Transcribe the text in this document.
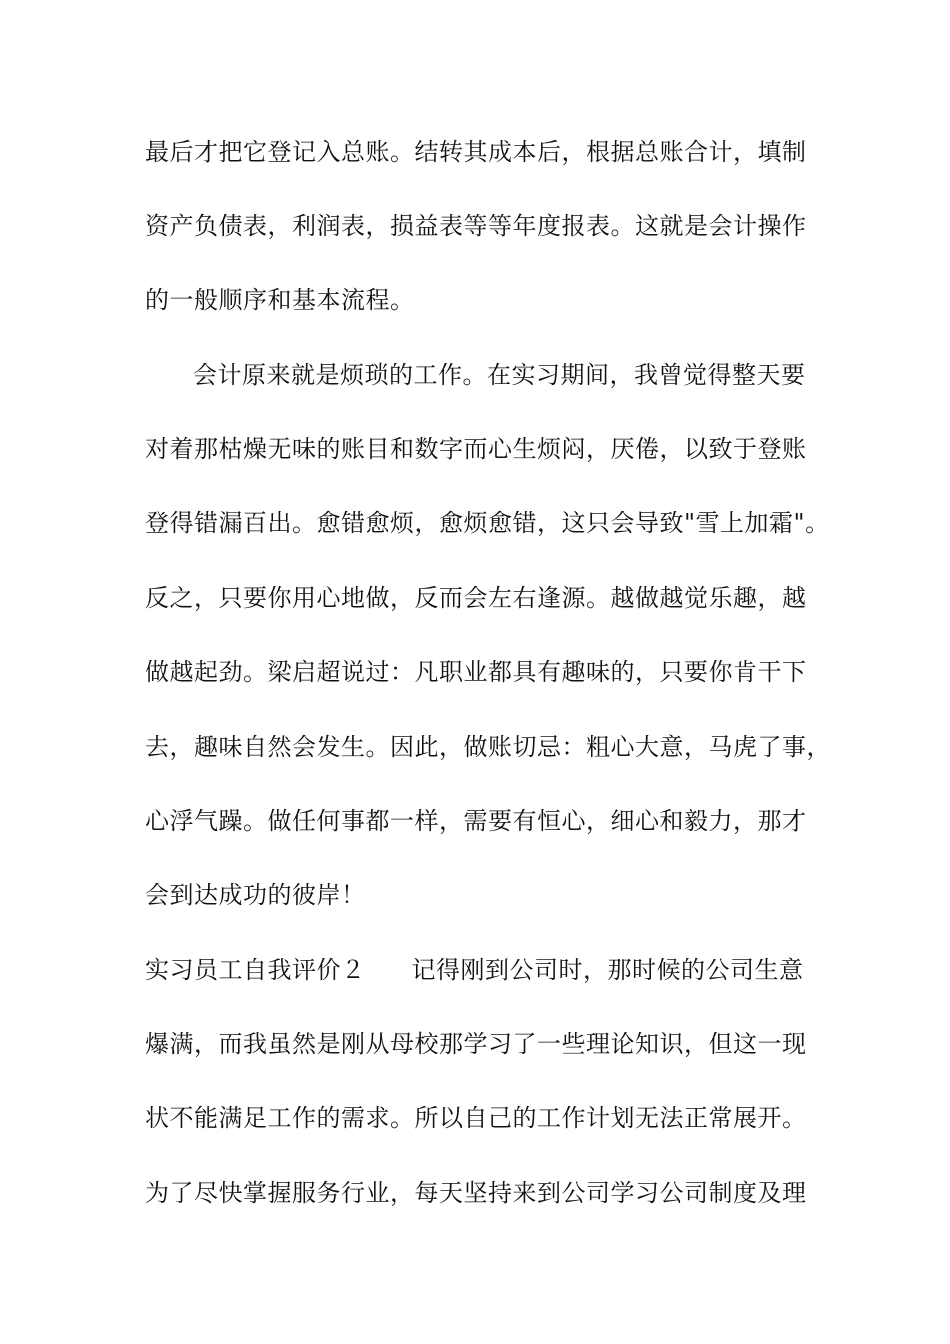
最后才把它登记入总账。结转其成本后，根据总账合计，填制
资产负债表，利润表，损益表等等年度报表。这就是会计操作
的一般顺序和基本流程。
会计原来就是烦琐的工作。在实习期间，我曾觉得整天要
对着那枯燥无味的账目和数字而心生烦闷，厌倦，以致于登账
登得错漏百出。愈错愈烦，愈烦愈错，这只会导致"雪上加霜"。
反之，只要你用心地做，反而会左右逢源。越做越觉乐趣，越
做越起劲。梁启超说过：凡职业都具有趣味的，只要你肯干下
去，趣味自然会发生。因此，做账切忌：粗心大意，马虎了事，
心浮气躁。做任何事都一样，需要有恒心，细心和毅力，那才
会到达成功的彼岸！
实习员工自我评价２ 记得刚到公司时，那时候的公司生意
爆满，而我虽然是刚从母校那学习了一些理论知识，但这一现
状不能满足工作的需求。所以自己的工作计划无法正常展开。
为了尽快掌握服务行业，每天坚持来到公司学习公司制度及理
